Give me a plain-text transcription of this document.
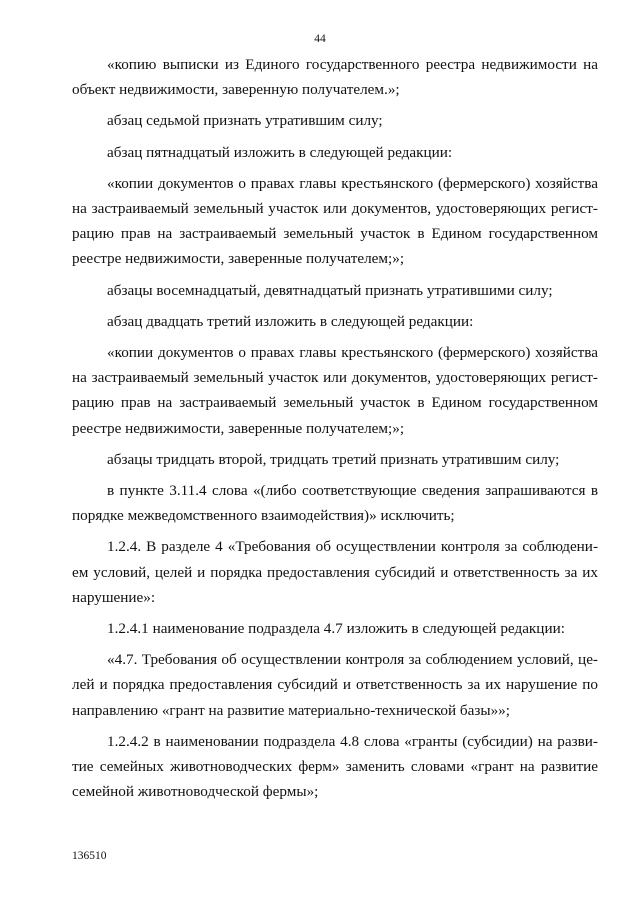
44

«копию выписки из Единого государственного реестра недвижимости на
объект недвижимости, заверенную получателем.»;

абзац седьмой признать утратившим силу;

абзац пятнадцатый изложить в следующей редакции:

«копии документов о правах главы крестьянского (фермерского) хозяйства
на застраиваемый земельный участок или документов, удостоверяющих регист-
рацию прав на застраиваемый земельный участок в Едином государственном
реестре недвижимости, заверенные получателем;»;

абзацы восемнадцатый, девятнадцатый признать утратившими силу;

абзац двадцать третий изложить в следующей редакции:

«копии документов о правах главы крестьянского (фермерского) хозяйства
на застраиваемый земельный участок или документов, удостоверяющих регист-
рацию прав на застраиваемый земельный участок в Едином государственном
реестре недвижимости, заверенные получателем;»;

абзацы тридцать второй, тридцать третий признать утратившим силу;

в пункте 3.11.4 слова «(либо соответствующие сведения запрашиваются в
порядке межведомственного взаимодействия)» исключить;

1.2.4. В разделе 4 «Требования об осуществлении контроля за соблюдени-
ем условий, целей и порядка предоставления субсидий и ответственность за их
нарушение»:

1.2.4.1 наименование подраздела 4.7 изложить в следующей редакции:

«4.7. Требования об осуществлении контроля за соблюдением условий, це-
лей и порядка предоставления субсидий и ответственность за их нарушение по
направлению «грант на развитие материально-технической базы»»;

1.2.4.2 в наименовании подраздела 4.8 слова «гранты (субсидии) на разви-
тие семейных животноводческих ферм» заменить словами «грант на развитие
семейной животноводческой фермы»;

136510
